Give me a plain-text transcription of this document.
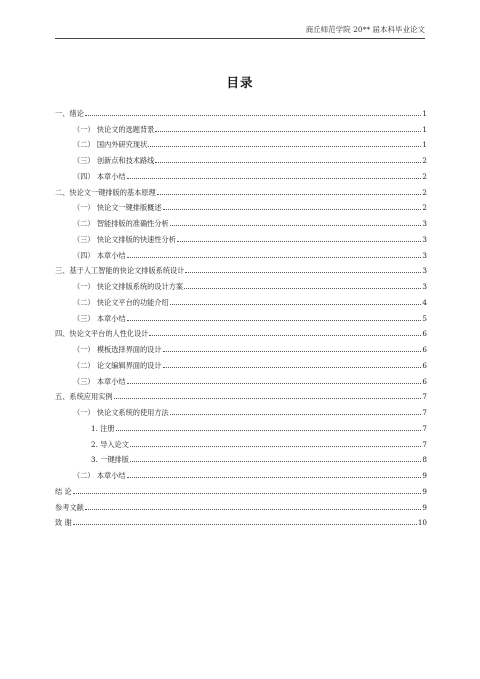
商丘师范学院 20** 届本科毕业论文
目录
一、绪论	1
（一） 快论文的选题背景	1
（二） 国内外研究现状	1
（三） 创新点和技术路线	2
（四） 本章小结	2
二、快论文一键排版的基本原理	2
（一） 快论文一键排版概述	2
（二） 智能排版的准确性分析	3
（三） 快论文排版的快速性分析	3
（四） 本章小结	3
三、基于人工智能的快论文排版系统设计	3
（一） 快论文排版系统的设计方案	3
（二） 快论文平台的功能介绍	4
（三） 本章小结	5
四、快论文平台的人性化设计	6
（一） 模板选择界面的设计	6
（二） 论文编辑界面的设计	6
（三） 本章小结	6
五、系统应用实例	7
（一） 快论文系统的使用方法	7
1. 注册	7
2. 导入论文	7
3. 一键排版	8
（二） 本章小结	9
结 论	9
参考文献	9
致 谢	10
